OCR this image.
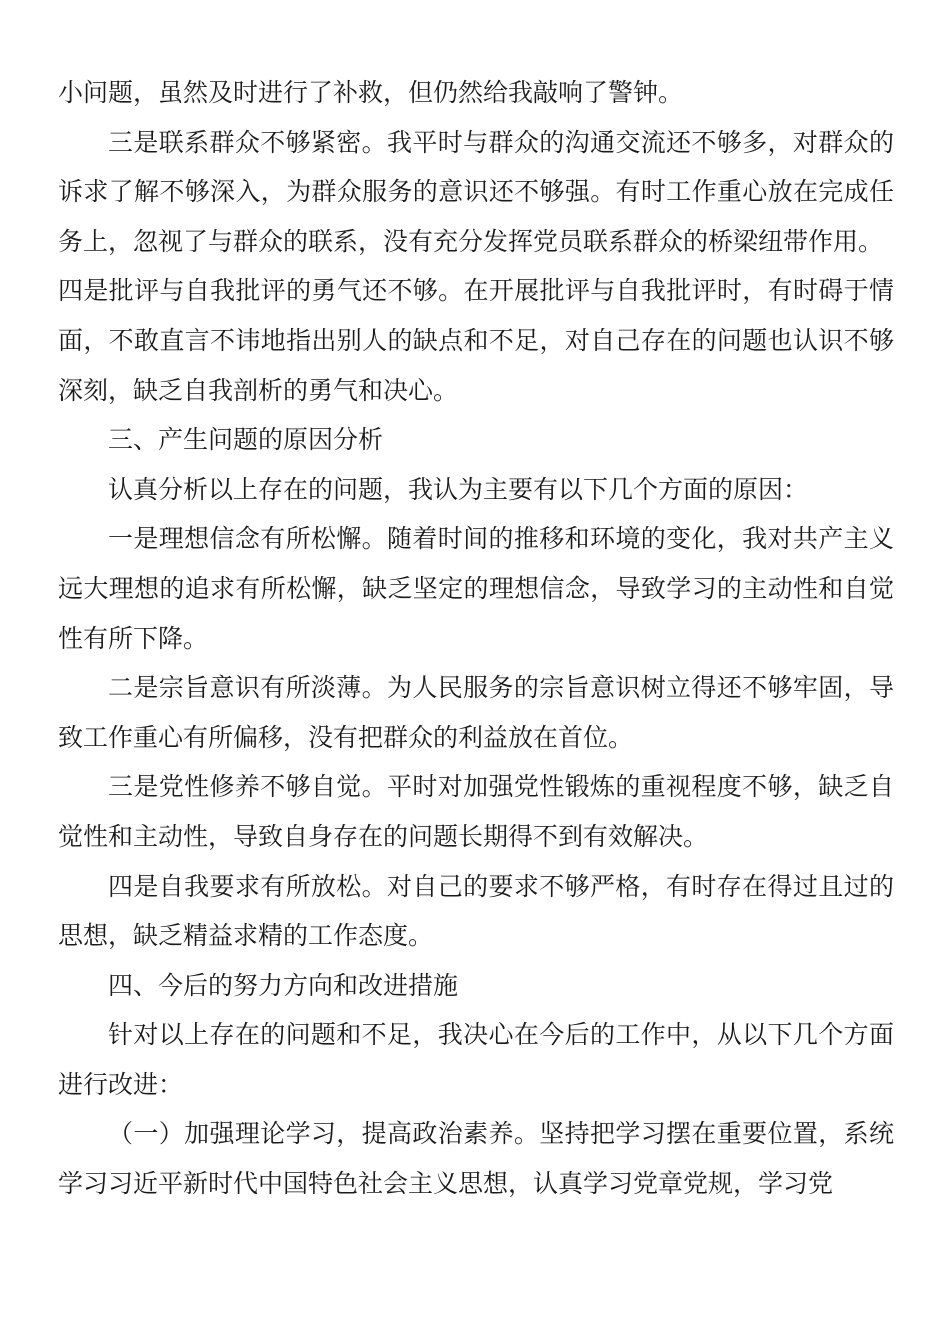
小问题，虽然及时进行了补救，但仍然给我敲响了警钟。

三是联系群众不够紧密。我平时与群众的沟通交流还不够多，对群众的诉求了解不够深入，为群众服务的意识还不够强。有时工作重心放在完成任务上，忽视了与群众的联系，没有充分发挥党员联系群众的桥梁纽带作用。

四是批评与自我批评的勇气还不够。在开展批评与自我批评时，有时碍于情面，不敢直言不讳地指出别人的缺点和不足，对自己存在的问题也认识不够深刻，缺乏自我剖析的勇气和决心。

三、产生问题的原因分析

认真分析以上存在的问题，我认为主要有以下几个方面的原因：

一是理想信念有所松懈。随着时间的推移和环境的变化，我对共产主义远大理想的追求有所松懈，缺乏坚定的理想信念，导致学习的主动性和自觉性有所下降。

二是宗旨意识有所淡薄。为人民服务的宗旨意识树立得还不够牢固，导致工作重心有所偏移，没有把群众的利益放在首位。

三是党性修养不够自觉。平时对加强党性锻炼的重视程度不够，缺乏自觉性和主动性，导致自身存在的问题长期得不到有效解决。

四是自我要求有所放松。对自己的要求不够严格，有时存在得过且过的思想，缺乏精益求精的工作态度。

四、今后的努力方向和改进措施

针对以上存在的问题和不足，我决心在今后的工作中，从以下几个方面进行改进：

（一）加强理论学习，提高政治素养。坚持把学习摆在重要位置，系统学习习近平新时代中国特色社会主义思想，认真学习党章党规，学习党
